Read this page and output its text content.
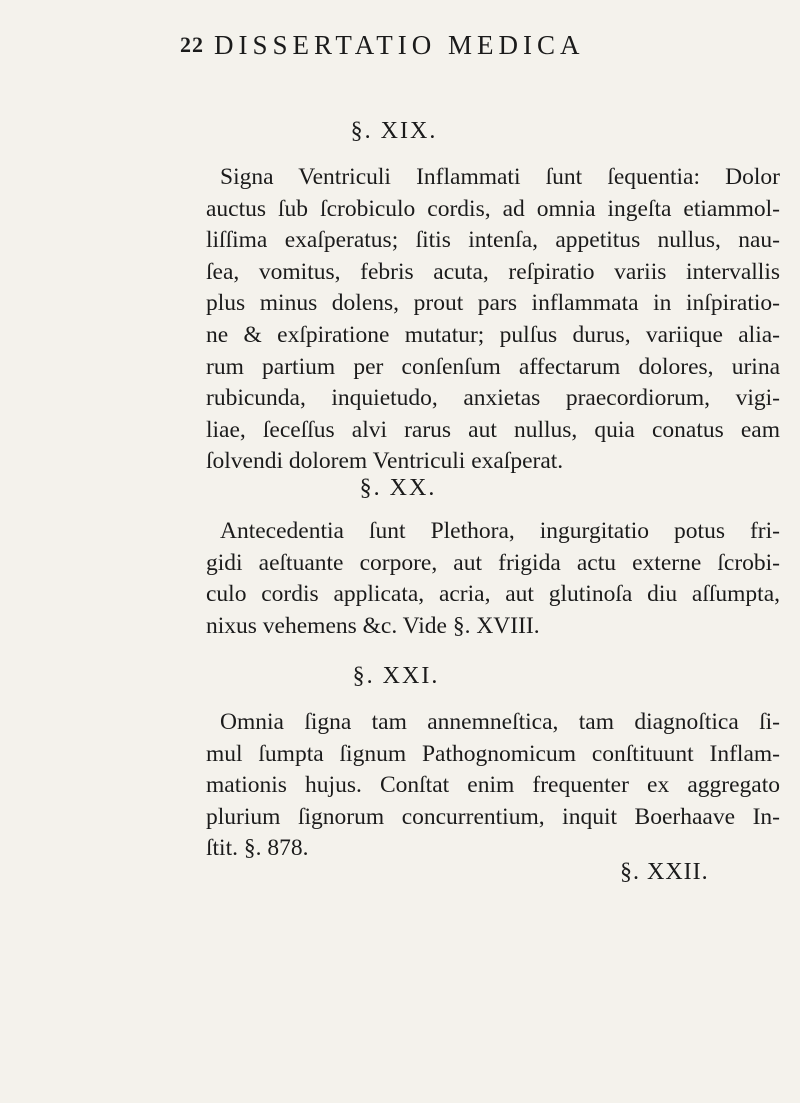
22 DISSERTATIO MEDICA
§. XIX.

Signa Ventriculi Inflammati ſunt ſequentia: Dolor
auctus ſub ſcrobiculo cordis, ad omnia ingeſta etiammol-
liſſima exaſperatus; ſitis intenſa, appetitus nullus, nau-
ſea, vomitus, febris acuta, reſpiratio variis intervallis
plus minus dolens, prout pars inflammata in inſpiratio-
ne & exſpiratione mutatur; pulſus durus, variique alia-
rum partium per conſenſum affectarum dolores, urina
rubicunda, inquietudo, anxietas praecordiorum, vigi-
liae, ſeceſſus alvi rarus aut nullus, quia conatus eam
ſolvendi dolorem Ventriculi exaſperat.

§. XX.

Antecedentia ſunt Plethora, ingurgitatio potus fri-
gidi aeſtuante corpore, aut frigida actu externe ſcrobi-
culo cordis applicata, acria, aut glutinoſa diu aſſumpta,
nixus vehemens &c. Vide §. XVIII.

§. XXI.

Omnia ſigna tam annemneſtica, tam diagnoſtica ſi-
mul ſumpta ſignum Pathognomicum conſtituunt Inflam-
mationis hujus. Conſtat enim frequenter ex aggregato
plurium ſignorum concurrentium, inquit Boerhaave In-
ſtit. §. 878.

§. XXII.
